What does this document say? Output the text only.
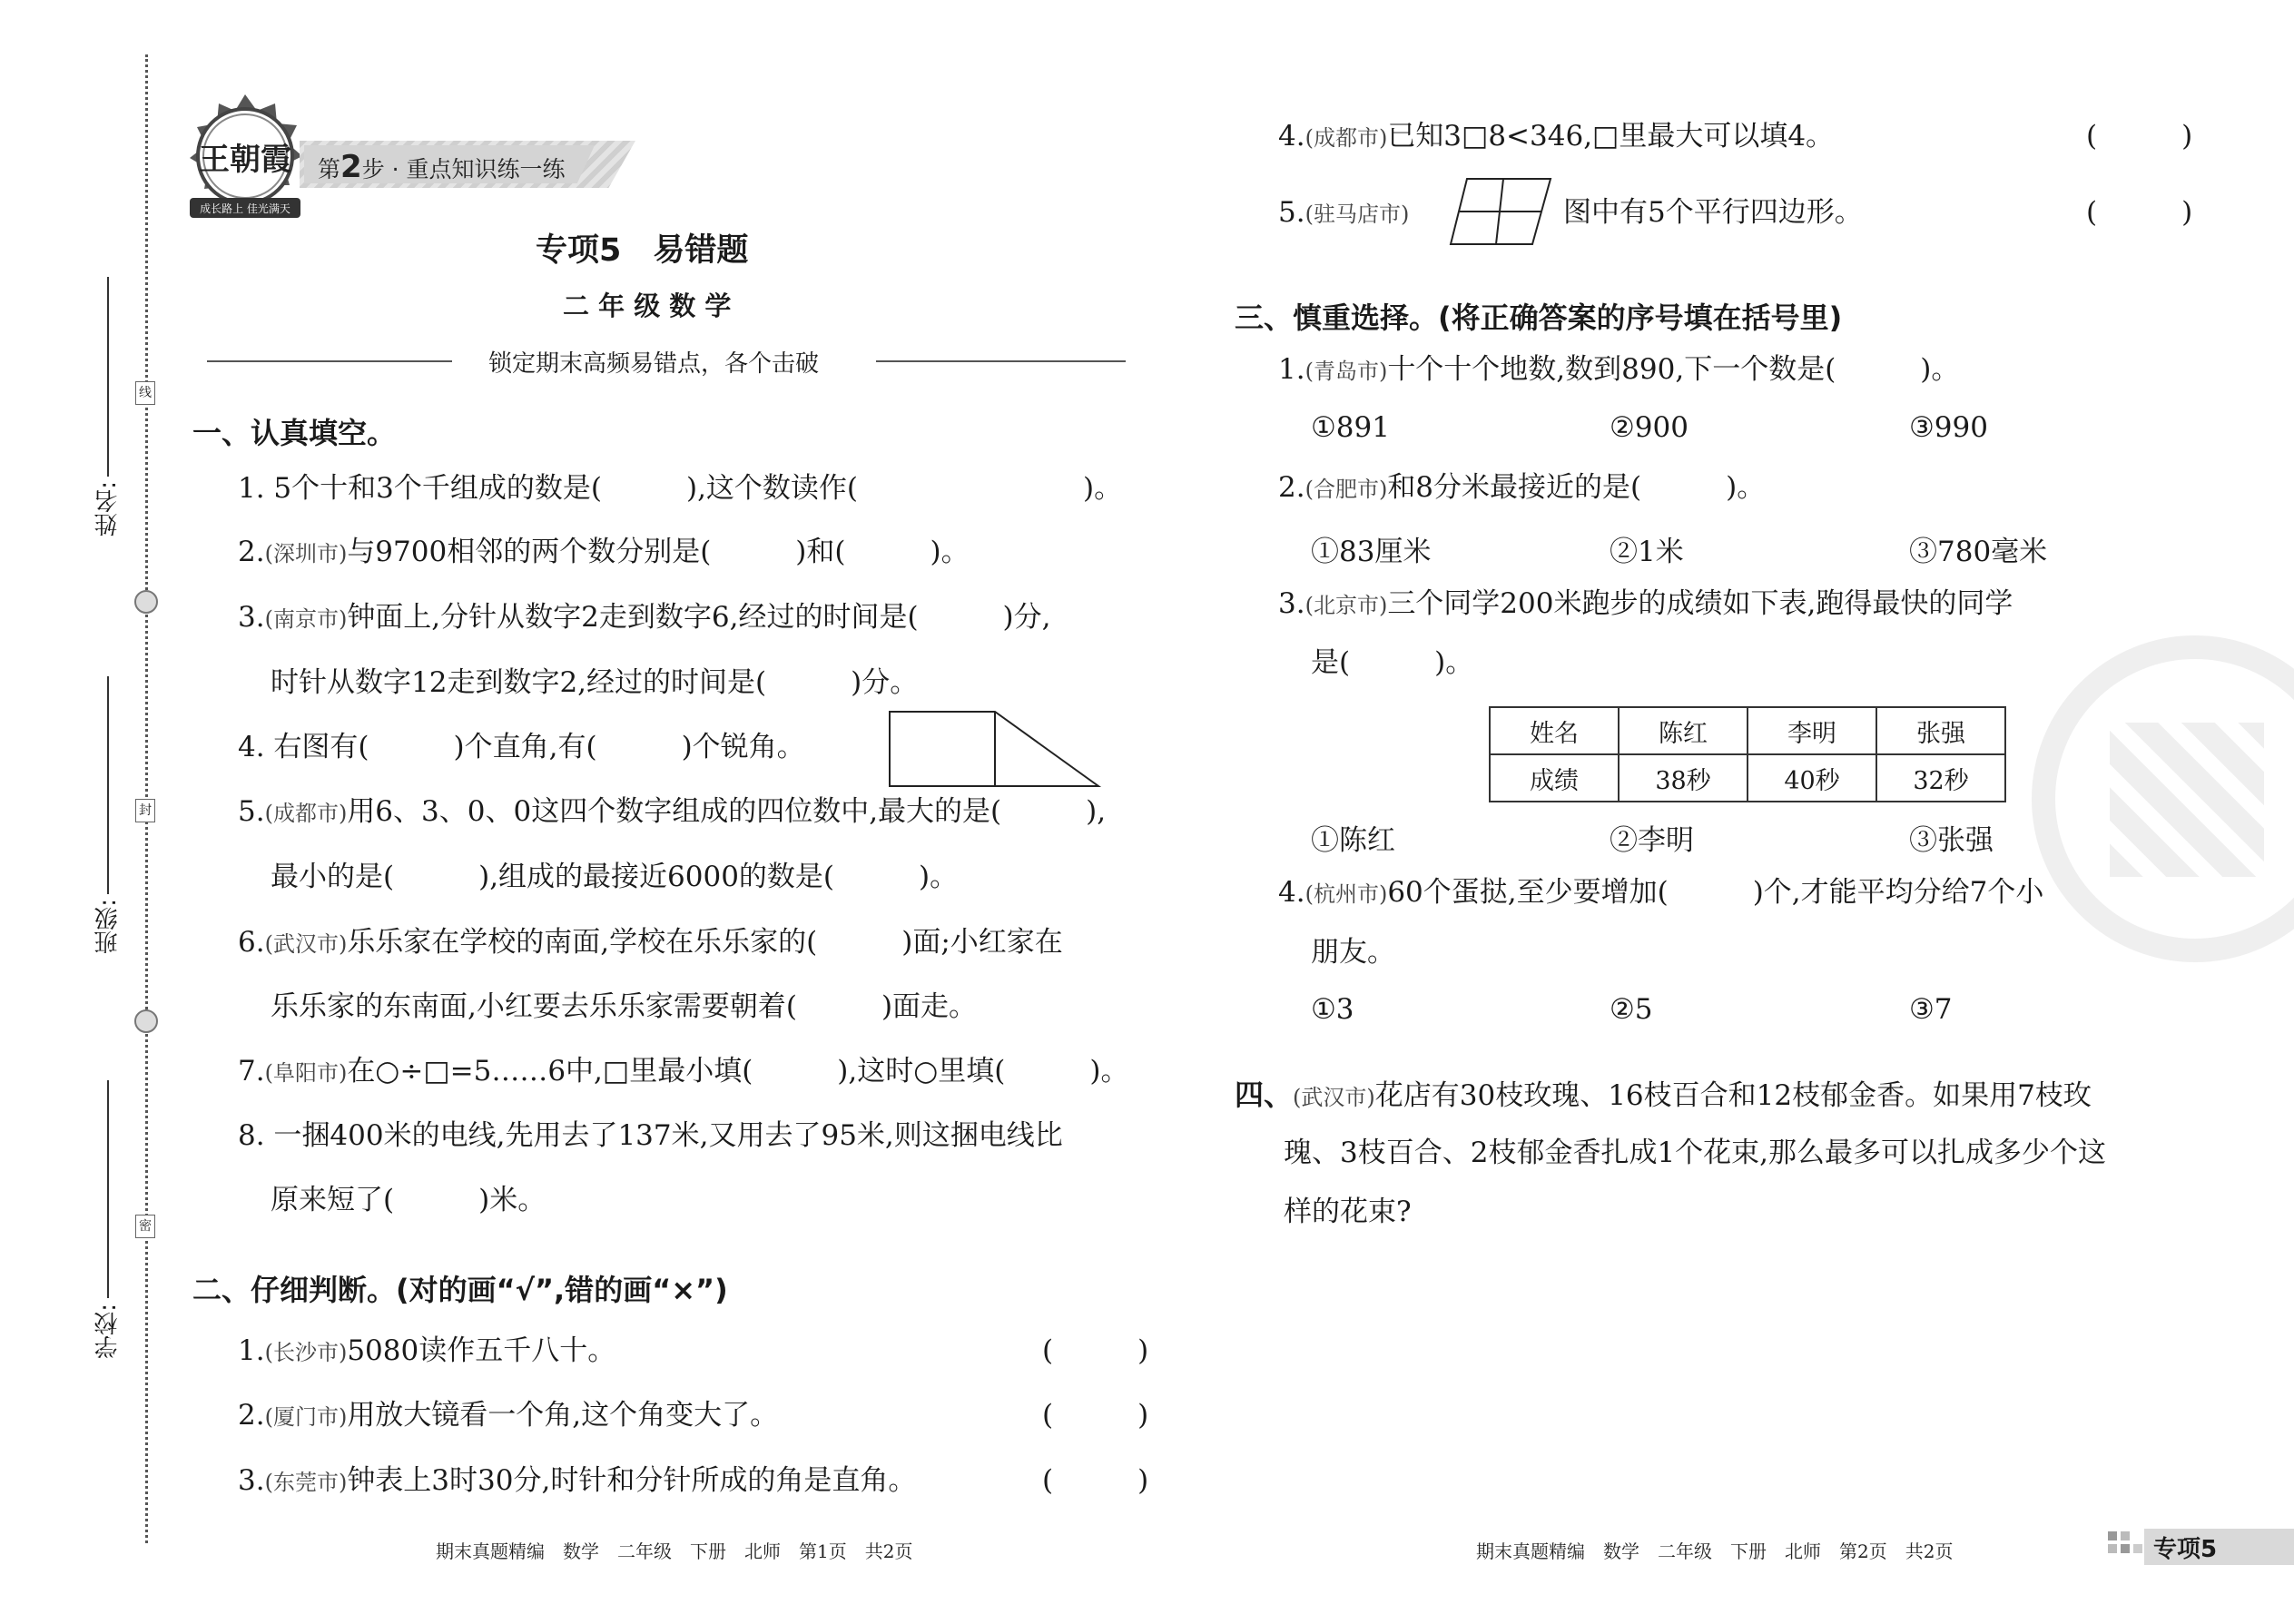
线
封
密
姓名:
班级:
学校:
王朝霞
成长路上 佳光满天
第2步 · 重点知识练一练
专项5　易错题
二 年 级 数 学
锁定期末高频易错点，各个击破
一、认真填空。
1. 5个十和3个千组成的数是(　　　),这个数读作(　　　　　　　　)。
2.(深圳市)与9700相邻的两个数分别是(　　　)和(　　　)。
3.(南京市)钟面上,分针从数字2走到数字6,经过的时间是(　　　)分,
时针从数字12走到数字2,经过的时间是(　　　)分。
4. 右图有(　　　)个直角,有(　　　)个锐角。
5.(成都市)用6、3、0、0这四个数字组成的四位数中,最大的是(　　　),
最小的是(　　　),组成的最接近6000的数是(　　　)。
6.(武汉市)乐乐家在学校的南面,学校在乐乐家的(　　　)面;小红家在
乐乐家的东南面,小红要去乐乐家需要朝着(　　　)面走。
7.(阜阳市)在○÷□=5……6中,□里最小填(　　　),这时○里填(　　　)。
8. 一捆400米的电线,先用去了137米,又用去了95米,则这捆电线比
原来短了(　　　)米。
二、仔细判断。(对的画“√”,错的画“×”)
1.(长沙市)5080读作五千八十。	(　　　)
2.(厦门市)用放大镜看一个角,这个角变大了。	(　　　)
3.(东莞市)钟表上3时30分,时针和分针所成的角是直角。	(　　　)
期末真题精编　数学　二年级　下册　北师　第1页　共2页
4.(成都市)已知3□8<346,□里最大可以填4。	(　　　)
5.(驻马店市)	图中有5个平行四边形。	(　　　)
三、慎重选择。(将正确答案的序号填在括号里)
1.(青岛市)十个十个地数,数到890,下一个数是(　　　)。
①891	②900	③990
2.(合肥市)和8分米最接近的是(　　　)。
①83厘米	②1米	③780毫米
3.(北京市)三个同学200米跑步的成绩如下表,跑得最快的同学
是(　　　)。
姓名	陈红	李明	张强
成绩	38秒	40秒	32秒
①陈红	②李明	③张强
4.(杭州市)60个蛋挞,至少要增加(　　　)个,才能平均分给7个小
朋友。
①3	②5	③7
四、(武汉市)花店有30枝玫瑰、16枝百合和12枝郁金香。如果用7枝玫
瑰、3枝百合、2枝郁金香扎成1个花束,那么最多可以扎成多少个这
样的花束?
期末真题精编　数学　二年级　下册　北师　第2页　共2页	专项5
